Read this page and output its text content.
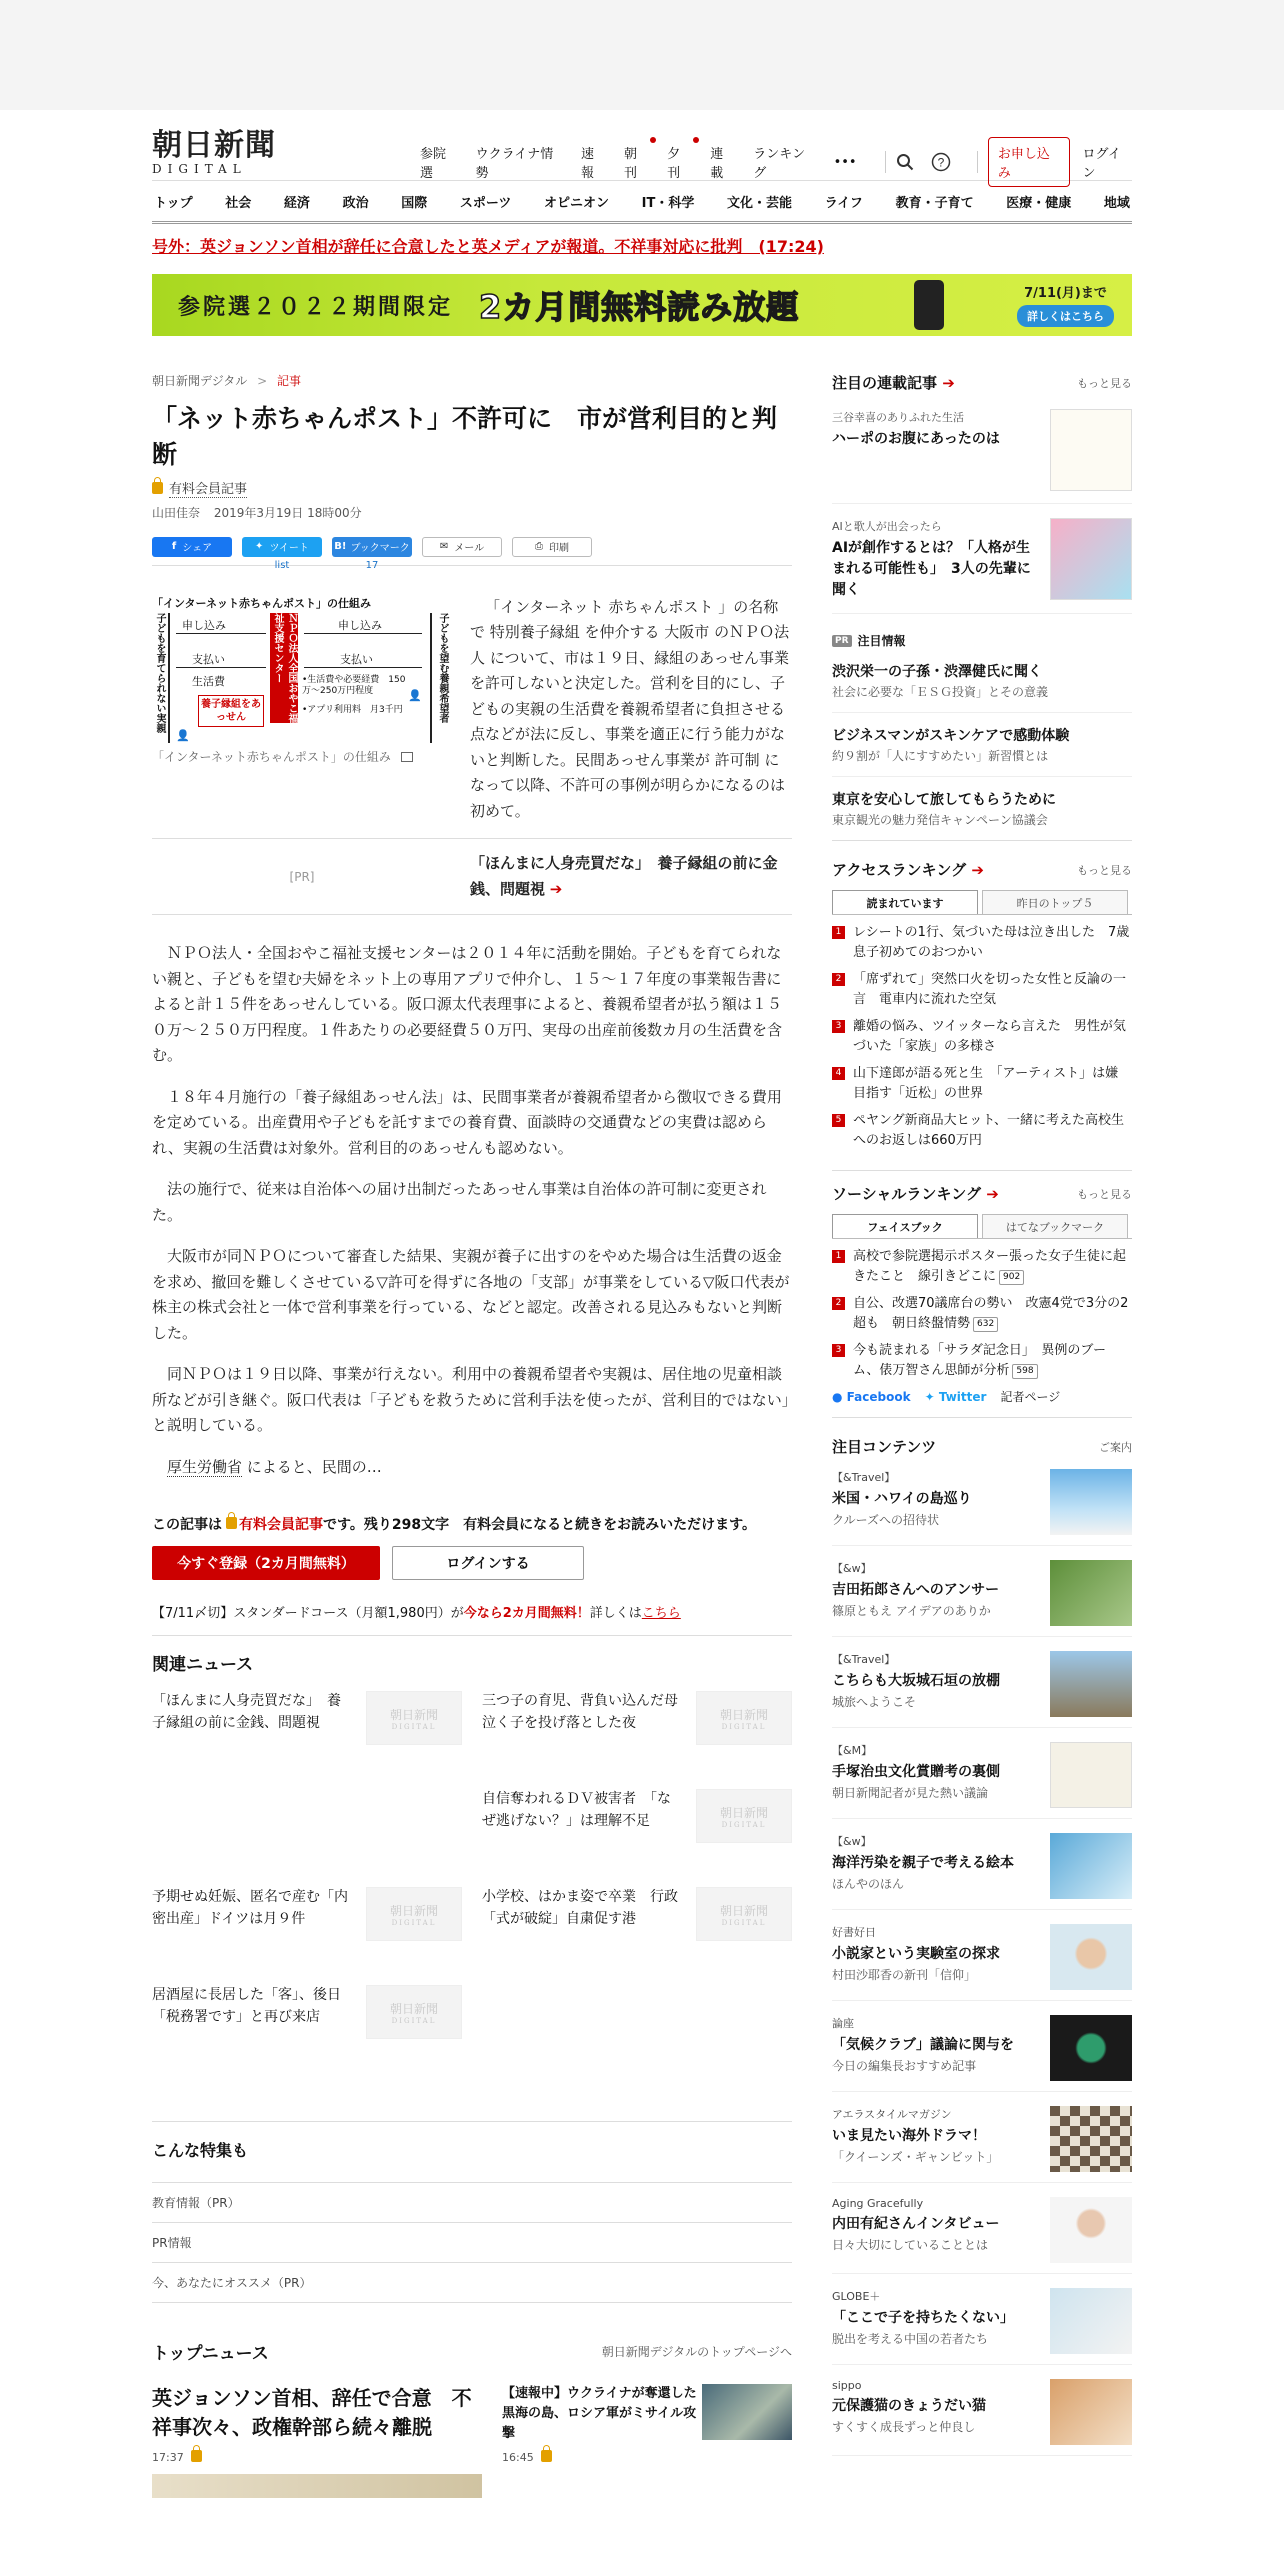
朝日新聞
DIGITAL
参院選
ウクライナ情勢
速報
朝刊
夕刊
連載
ランキング
•••	?
お申し込み
ログイン
トップ	社会	経済	政治	国際	スポーツ	オピニオン	IT・科学	文化・芸能	ライフ	教育・子育て	医療・健康	地域
号外：英ジョンソン首相が辞任に合意したと英メディアが報道。不祥事対応に批判　(17:24)
参院選２０２２期間限定 2カ月間無料読み放題	7/11(月)まで
詳しくはこちら
朝日新聞デジタル > 記事
「ネット赤ちゃんポスト」不許可に　市が営利目的と判断
有料会員記事
山田佳奈 2019年3月19日 18時00分
f シェア	✦ ツイート	B! ブックマーク	✉ メール	⎙ 印刷
list	17
「インターネット赤ちゃんポスト」の仕組み
子どもを育てられない実親	ＮＰＯ法人全国おやこ福祉支援センター	子どもを望む養親希望者
申し込み	申し込み
支払い
生活費
支払い
•生活費や必要経費　150万〜250万円程度
•アプリ利用料　月3千円
養子縁組をあっせん
👤
👤
「インターネット赤ちゃんポスト」の仕組み
[PR]

「インターネット 赤ちゃんポスト 」の名称で 特別養子縁組 を仲介する 大阪市 のＮＰＯ法人 について、市は１９日、縁組のあっせん事業を許可しないと決定した。営利を目的にし、子どもの実親の生活費を養親希望者に負担させる点などが法に反し、事業を適正に行う能力がないと判断した。民間あっせん事業が 許可制 になって以降、不許可の事例が明らかになるのは初めて。

「ほんまに人身売買だな」　養子縁組の前に金銭、問題視 ➔

ＮＰＯ法人・全国おやこ福祉支援センターは２０１４年に活動を開始。子どもを育てられない親と、子どもを望む夫婦をネット上の専用アプリで仲介し、１５～１７年度の事業報告書によると計１５件をあっせんしている。阪口源太代表理事によると、養親希望者が払う額は１５０万～２５０万円程度。１件あたりの必要経費５０万円、実母の出産前後数カ月の生活費を含む。

１８年４月施行の「養子縁組あっせん法」は、民間事業者が養親希望者から徴収できる費用を定めている。出産費用や子どもを託すまでの養育費、面談時の交通費などの実費は認められ、実親の生活費は対象外。営利目的のあっせんも認めない。

法の施行で、従来は自治体への届け出制だったあっせん事業は自治体の許可制に変更された。

大阪市が同ＮＰＯについて審査した結果、実親が養子に出すのをやめた場合は生活費の返金を求め、撤回を難しくさせている▽許可を得ずに各地の「支部」が事業をしている▽阪口代表が株主の株式会社と一体で営利事業を行っている、などと認定。改善される見込みもないと判断した。

同ＮＰＯは１９日以降、事業が行えない。利用中の養親希望者や実親は、居住地の児童相談所などが引き継ぐ。阪口代表は「子どもを救うために営利手法を使ったが、営利目的ではない」と説明している。

厚生労働省 によると、民間の…

この記事は 有料会員記事です。残り298文字　有料会員になると続きをお読みいただけます。
今すぐ登録（2カ月間無料）	ログインする
【7/11〆切】スタンダードコース（月額1,980円）が今なら2カ月間無料！詳しくはこちら
関連ニュース
「ほんまに人身売買だな」　養子縁組の前に金銭、問題視
朝日新聞
DIGITAL
三つ子の育児、背負い込んだ母　泣く子を投げ落とした夜
朝日新聞
DIGITAL
自信奪われるＤＶ被害者　「なぜ逃げない？」は理解不足
朝日新聞
DIGITAL
予期せぬ妊娠、匿名で産む「内密出産」ドイツは月９件
朝日新聞
DIGITAL
小学校、はかま姿で卒業　行政「式が破綻」自粛促す港
朝日新聞
DIGITAL
居酒屋に長居した「客」、後日「税務署です」と再び来店
朝日新聞
DIGITAL
こんな特集も
教育情報（PR）
PR情報
今、あなたにオススメ（PR）
トップニュース	朝日新聞デジタルのトップページへ
英ジョンソン首相、辞任で合意　不祥事次々、政権幹部ら続々離脱
17:37
【速報中】ウクライナが奪還した黒海の島、ロシア軍がミサイル攻撃
16:45
注目の連載記事 ➔	もっと見る
三谷幸喜のありふれた生活
ハーポのお腹にあったのは
AIと歌人が出会ったら
AIが創作するとは？「人格が生まれる可能性も」　3人の先輩に聞く
PR 注目情報
渋沢栄一の子孫・渋澤健氏に聞く
社会に必要な「ＥＳＧ投資」とその意義
ビジネスマンがスキンケアで感動体験
約９割が「人にすすめたい」新習慣とは
東京を安心して旅してもらうために
東京観光の魅力発信キャンペーン協議会
アクセスランキング ➔	もっと見る
読まれています	昨日のトップ５
1 レシートの1行、気づいた母は泣き出した　7歳息子初めてのおつかい
2 「席ずれて」突然口火を切った女性と反論の一言　電車内に流れた空気
3 離婚の悩み、ツイッターなら言えた　男性が気づいた「家族」の多様さ
4 山下達郎が語る死と生　「アーティスト」は嫌　目指す「近松」の世界
5 ペヤング新商品大ヒット、一緒に考えた高校生へのお返しは660万円
ソーシャルランキング ➔	もっと見る
フェイスブック	はてなブックマーク
1 高校で参院選掲示ポスター張った女子生徒に起きたこと　線引きどこに 902
2 自公、改選70議席台の勢い　改憲4党で3分の2超も　朝日終盤情勢 632
3 今も読まれる「サラダ記念日」　異例のブーム、俵万智さん思師が分析 598
● Facebook ✦ Twitter 記者ページ
注目コンテンツ	ご案内
【&Travel】
米国・ハワイの島巡り
クルーズへの招待状
【&w】
吉田拓郎さんへのアンサー
篠原ともえ アイデアのありか
【&Travel】
こちらも大坂城石垣の放棚
城旅へようこそ
【&M】
手塚治虫文化賞贈考の裏側
朝日新聞記者が見た熱い議論
【&w】
海洋汚染を親子で考える絵本
ほんやのほん
好書好日
小説家という実験室の探求
村田沙耶香の新刊「信仰」
論座
「気候クラブ」議論に関与を
今日の編集長おすすめ記事
アエラスタイルマガジン
いま見たい海外ドラマ！
「クイーンズ・ギャンビット」
Aging Gracefully
内田有紀さんインタビュー
日々大切にしていることとは
GLOBE＋
「ここで子を持ちたくない」
脱出を考える中国の若者たち
sippo
元保護猫のきょうだい猫
すくすく成長ずっと仲良し
